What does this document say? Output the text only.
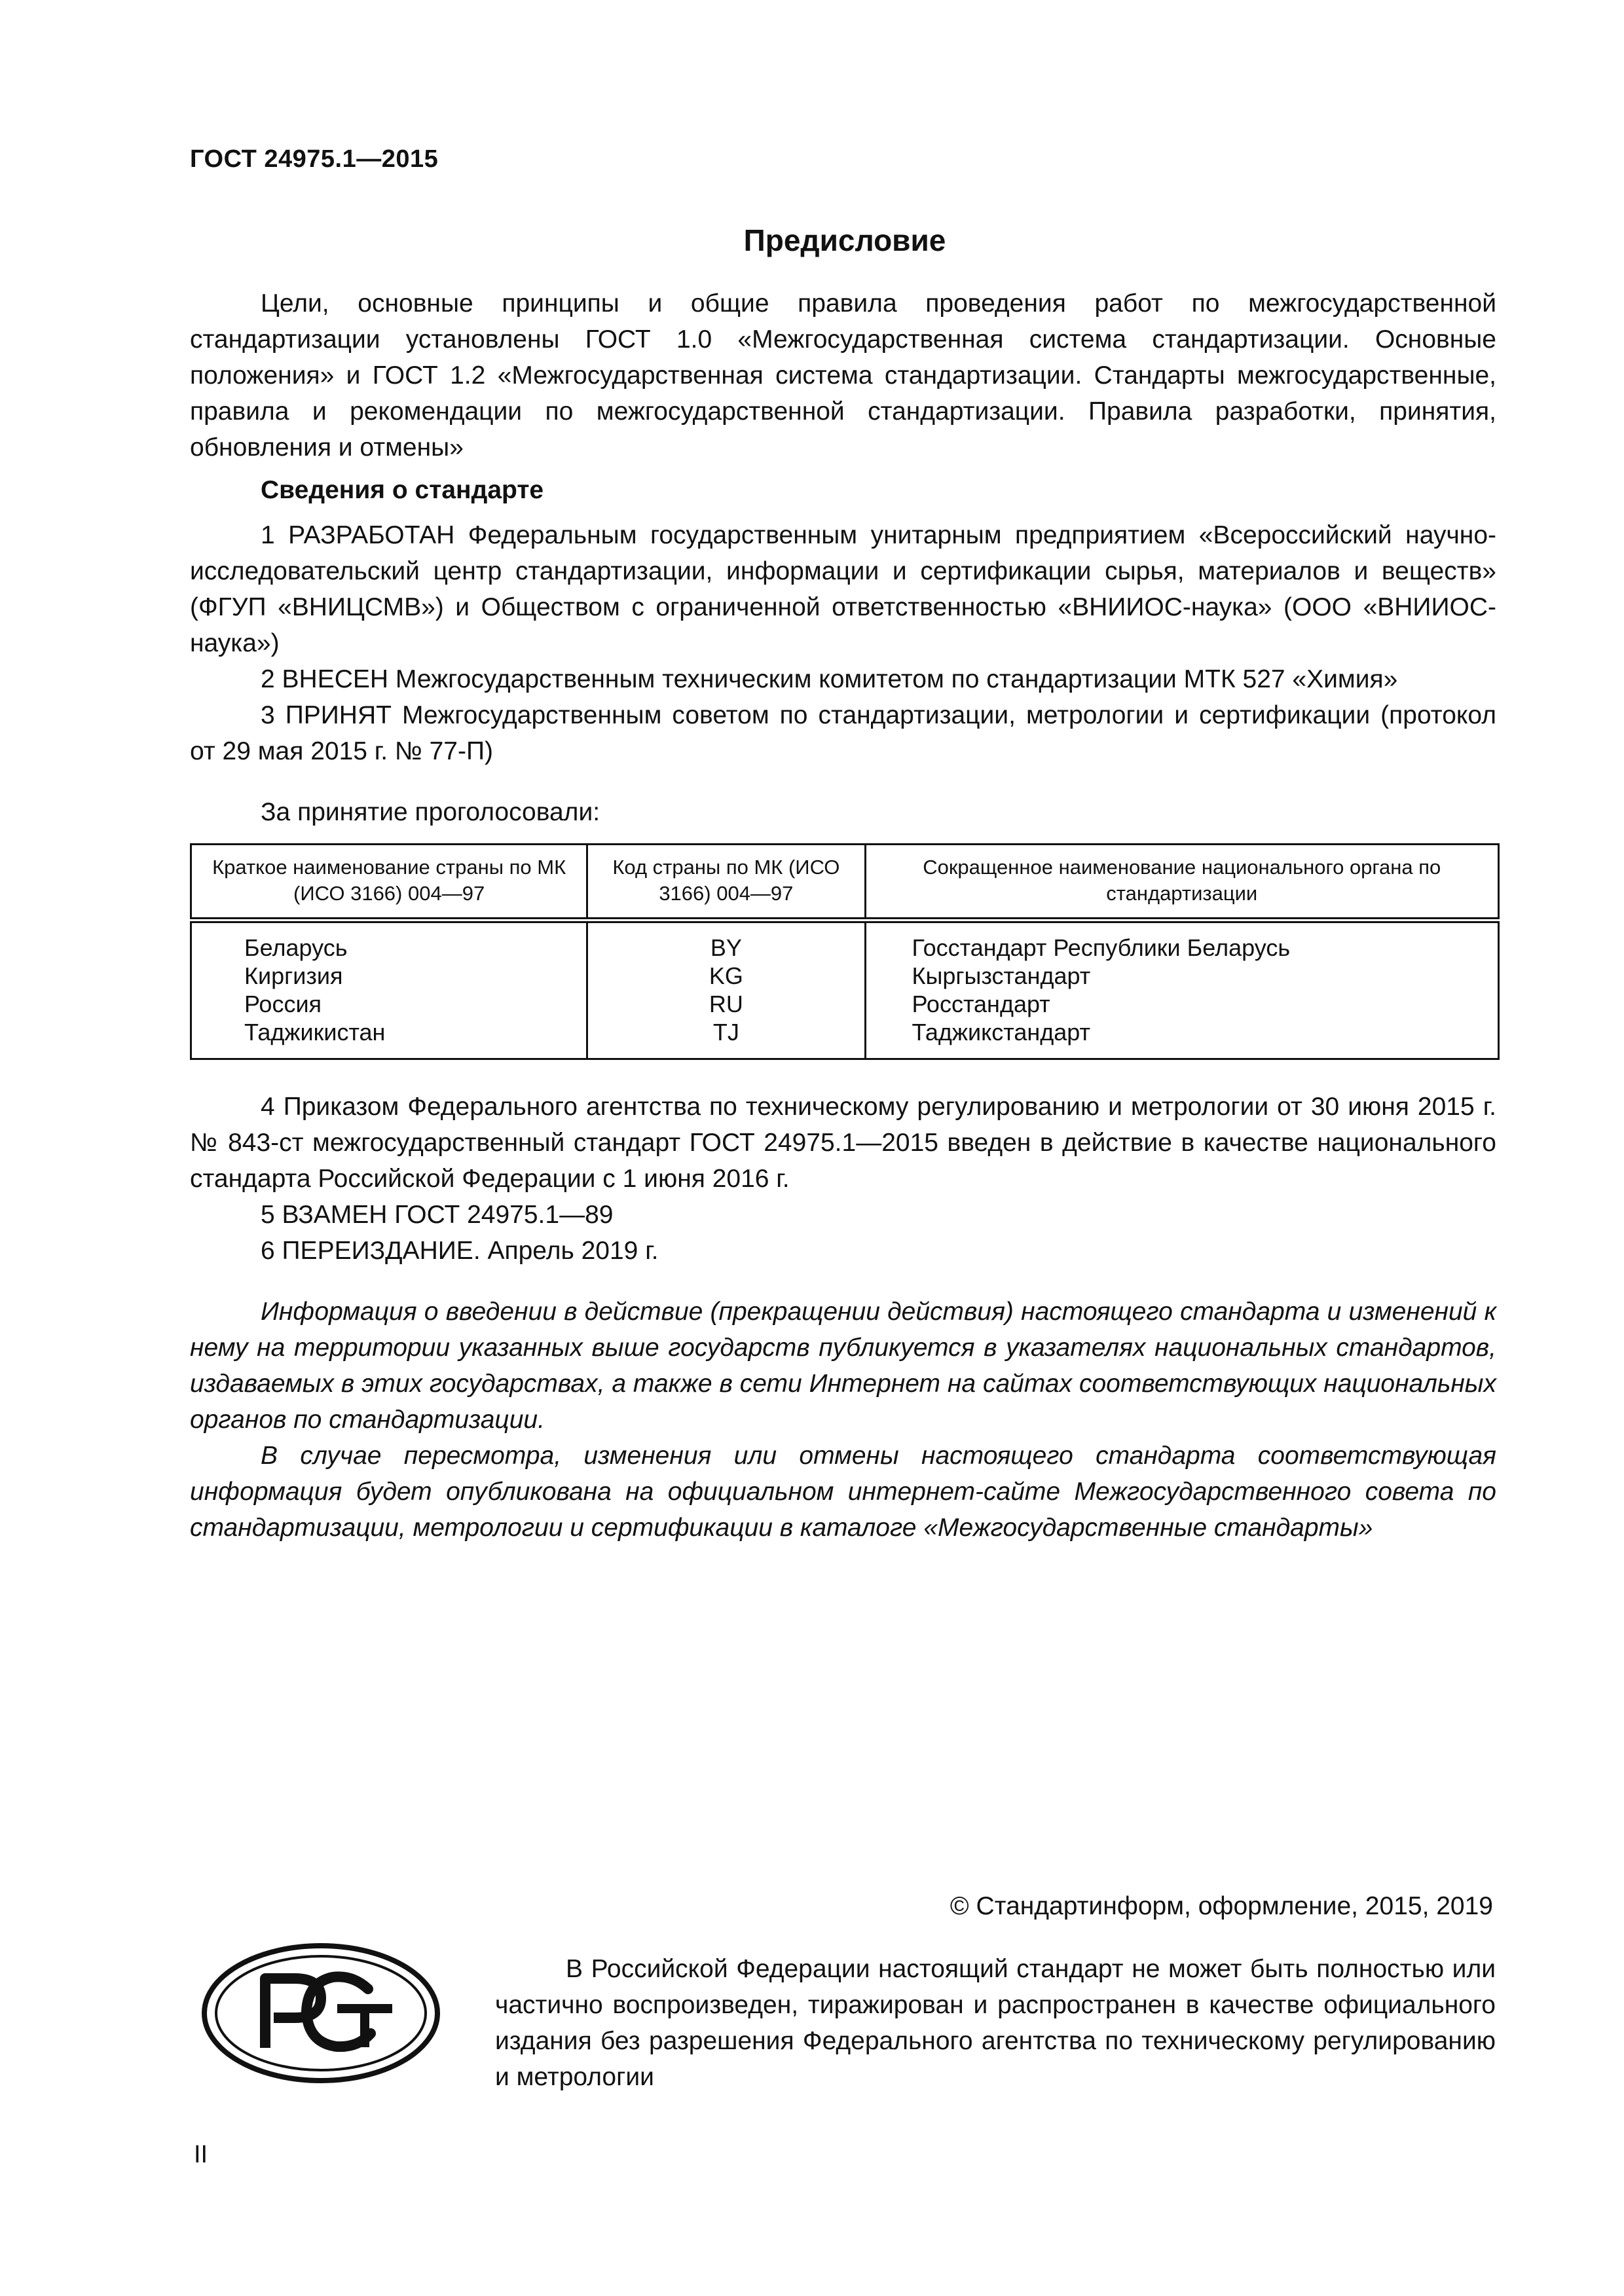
ГОСТ 24975.1—2015
Предисловие

Цели, основные принципы и общие правила проведения работ по межгосударственной стандартизации установлены ГОСТ 1.0 «Межгосударственная система стандартизации. Основные положения» и ГОСТ 1.2 «Межгосударственная система стандартизации. Стандарты межгосударственные, правила и рекомендации по межгосударственной стандартизации. Правила разработки, принятия, обновления и отмены»

Сведения о стандарте

1 РАЗРАБОТАН Федеральным государственным унитарным предприятием «Всероссийский научно-исследовательский центр стандартизации, информации и сертификации сырья, материалов и веществ» (ФГУП «ВНИЦСМВ») и Обществом с ограниченной ответственностью «ВНИИОС-наука» (ООО «ВНИИОС-наука»)

2 ВНЕСЕН Межгосударственным техническим комитетом по стандартизации МТК 527 «Химия»

3 ПРИНЯТ Межгосударственным советом по стандартизации, метрологии и сертификации (протокол от 29 мая 2015 г. № 77-П)

За принятие проголосовали:
Краткое наименование страны по МК (ИСО 3166) 004—97	Код страны по МК (ИСО 3166) 004—97	Сокращенное наименование национального органа по стандартизации
Беларусь	BY	Госстандарт Республики Беларусь
Киргизия	KG	Кыргызстандарт
Россия	RU	Росстандарт
Таджикистан	TJ	Таджикстандарт

4 Приказом Федерального агентства по техническому регулированию и метрологии от 30 июня 2015 г. № 843-ст межгосударственный стандарт ГОСТ 24975.1—2015 введен в действие в качестве национального стандарта Российской Федерации с 1 июня 2016 г.

5 ВЗАМЕН ГОСТ 24975.1—89

6 ПЕРЕИЗДАНИЕ. Апрель 2019 г.

Информация о введении в действие (прекращении действия) настоящего стандарта и изменений к нему на территории указанных выше государств публикуется в указателях национальных стандартов, издаваемых в этих государствах, а также в сети Интернет на сайтах соответствующих национальных органов по стандартизации.

В случае пересмотра, изменения или отмены настоящего стандарта соответствующая информация будет опубликована на официальном интернет-сайте Межгосударственного совета по стандартизации, метрологии и сертификации в каталоге «Межгосударственные стандарты»

© Стандартинформ, оформление, 2015, 2019

В Российской Федерации настоящий стандарт не может быть полностью или частично воспроизведен, тиражирован и распространен в качестве официального издания без разрешения Федерального агентства по техническому регулированию и метрологии

II
